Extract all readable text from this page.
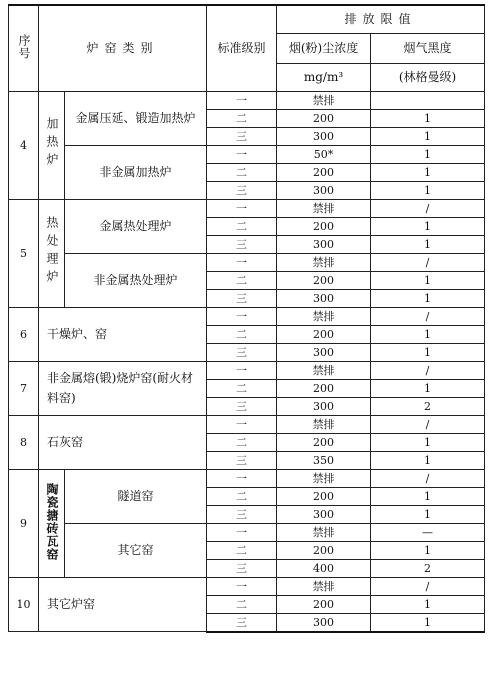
序号	炉窑类别		标准级别	排放限值	
				烟(粉)尘浓度	烟气黑度
				mg/m³	(林格曼级)
4	加热炉	金属压延、锻造加热炉	一	禁排	
			二	200	1
			三	300	1
		非金属加热炉	一	50*	1
			二	200	1
			三	300	1
5	热处理炉	金属热处理炉	一	禁排	/
			二	200	1
			三	300	1
		非金属热处理炉	一	禁排	/
			二	200	1
			三	300	1
6	干燥炉、窑		一	禁排	/
			二	200	1
			三	300	1
7	非金属熔(锻)烧炉窑(耐火材料窑)		一	禁排	/
			二	200	1
			三	300	2
8	石灰窑		一	禁排	/
			二	200	1
			三	350	1
9	陶瓷搪砖瓦窑	隧道窑	一	禁排	/
			二	200	1
			三	300	1
		其它窑	一	禁排	—
			二	200	1
			三	400	2
10	其它炉窑		一	禁排	/
			二	200	1
			三	300	1
